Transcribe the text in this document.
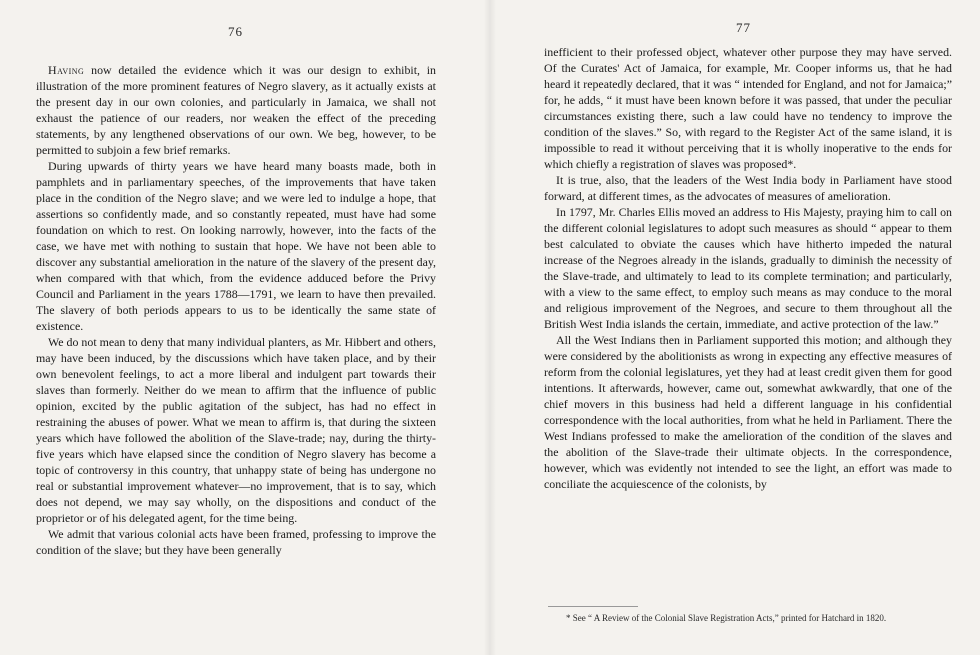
76

Having now detailed the evidence which it was our design to exhibit, in illustration of the more prominent features of Negro slavery, as it actually exists at the present day in our own colonies, and particularly in Jamaica, we shall not exhaust the patience of our readers, nor weaken the effect of the preceding statements, by any lengthened observations of our own. We beg, however, to be permitted to subjoin a few brief remarks.

During upwards of thirty years we have heard many boasts made, both in pamphlets and in parliamentary speeches, of the improvements that have taken place in the condition of the Negro slave; and we were led to indulge a hope, that assertions so confidently made, and so constantly repeated, must have had some foundation on which to rest. On looking narrowly, however, into the facts of the case, we have met with nothing to sustain that hope. We have not been able to discover any substantial amelioration in the nature of the slavery of the present day, when compared with that which, from the evidence adduced before the Privy Council and Parliament in the years 1788—1791, we learn to have then prevailed. The slavery of both periods appears to us to be identically the same state of existence.

We do not mean to deny that many individual planters, as Mr. Hibbert and others, may have been induced, by the discussions which have taken place, and by their own benevolent feelings, to act a more liberal and indulgent part towards their slaves than formerly. Neither do we mean to affirm that the influence of public opinion, excited by the public agitation of the subject, has had no effect in restraining the abuses of power. What we mean to affirm is, that during the sixteen years which have followed the abolition of the Slave-trade; nay, during the thirty-five years which have elapsed since the condition of Negro slavery has become a topic of controversy in this country, that unhappy state of being has undergone no real or substantial improvement whatever—no improvement, that is to say, which does not depend, we may say wholly, on the dispositions and conduct of the proprietor or of his delegated agent, for the time being.

We admit that various colonial acts have been framed, professing to improve the condition of the slave; but they have been generally

77

inefficient to their professed object, whatever other purpose they may have served. Of the Curates' Act of Jamaica, for example, Mr. Cooper informs us, that he had heard it repeatedly declared, that it was “ intended for England, and not for Jamaica;” for, he adds, “ it must have been known before it was passed, that under the peculiar circumstances existing there, such a law could have no tendency to improve the condition of the slaves.” So, with regard to the Register Act of the same island, it is impossible to read it without perceiving that it is wholly inoperative to the ends for which chiefly a registration of slaves was proposed*.

It is true, also, that the leaders of the West India body in Parliament have stood forward, at different times, as the advocates of measures of amelioration.

In 1797, Mr. Charles Ellis moved an address to His Majesty, praying him to call on the different colonial legislatures to adopt such measures as should “ appear to them best calculated to obviate the causes which have hitherto impeded the natural increase of the Negroes already in the islands, gradually to diminish the necessity of the Slave-trade, and ultimately to lead to its complete termination; and particularly, with a view to the same effect, to employ such means as may conduce to the moral and religious improvement of the Negroes, and secure to them throughout all the British West India islands the certain, immediate, and active protection of the law.”

All the West Indians then in Parliament supported this motion; and although they were considered by the abolitionists as wrong in expecting any effective measures of reform from the colonial legislatures, yet they had at least credit given them for good intentions. It afterwards, however, came out, somewhat awkwardly, that one of the chief movers in this business had held a different language in his confidential correspondence with the local authorities, from what he held in Parliament. There the West Indians professed to make the amelioration of the condition of the slaves and the abolition of the Slave-trade their ultimate objects. In the correspondence, however, which was evidently not intended to see the light, an effort was made to conciliate the acquiescence of the colonists, by

* See “ A Review of the Colonial Slave Registration Acts,” printed for Hatchard in 1820.
